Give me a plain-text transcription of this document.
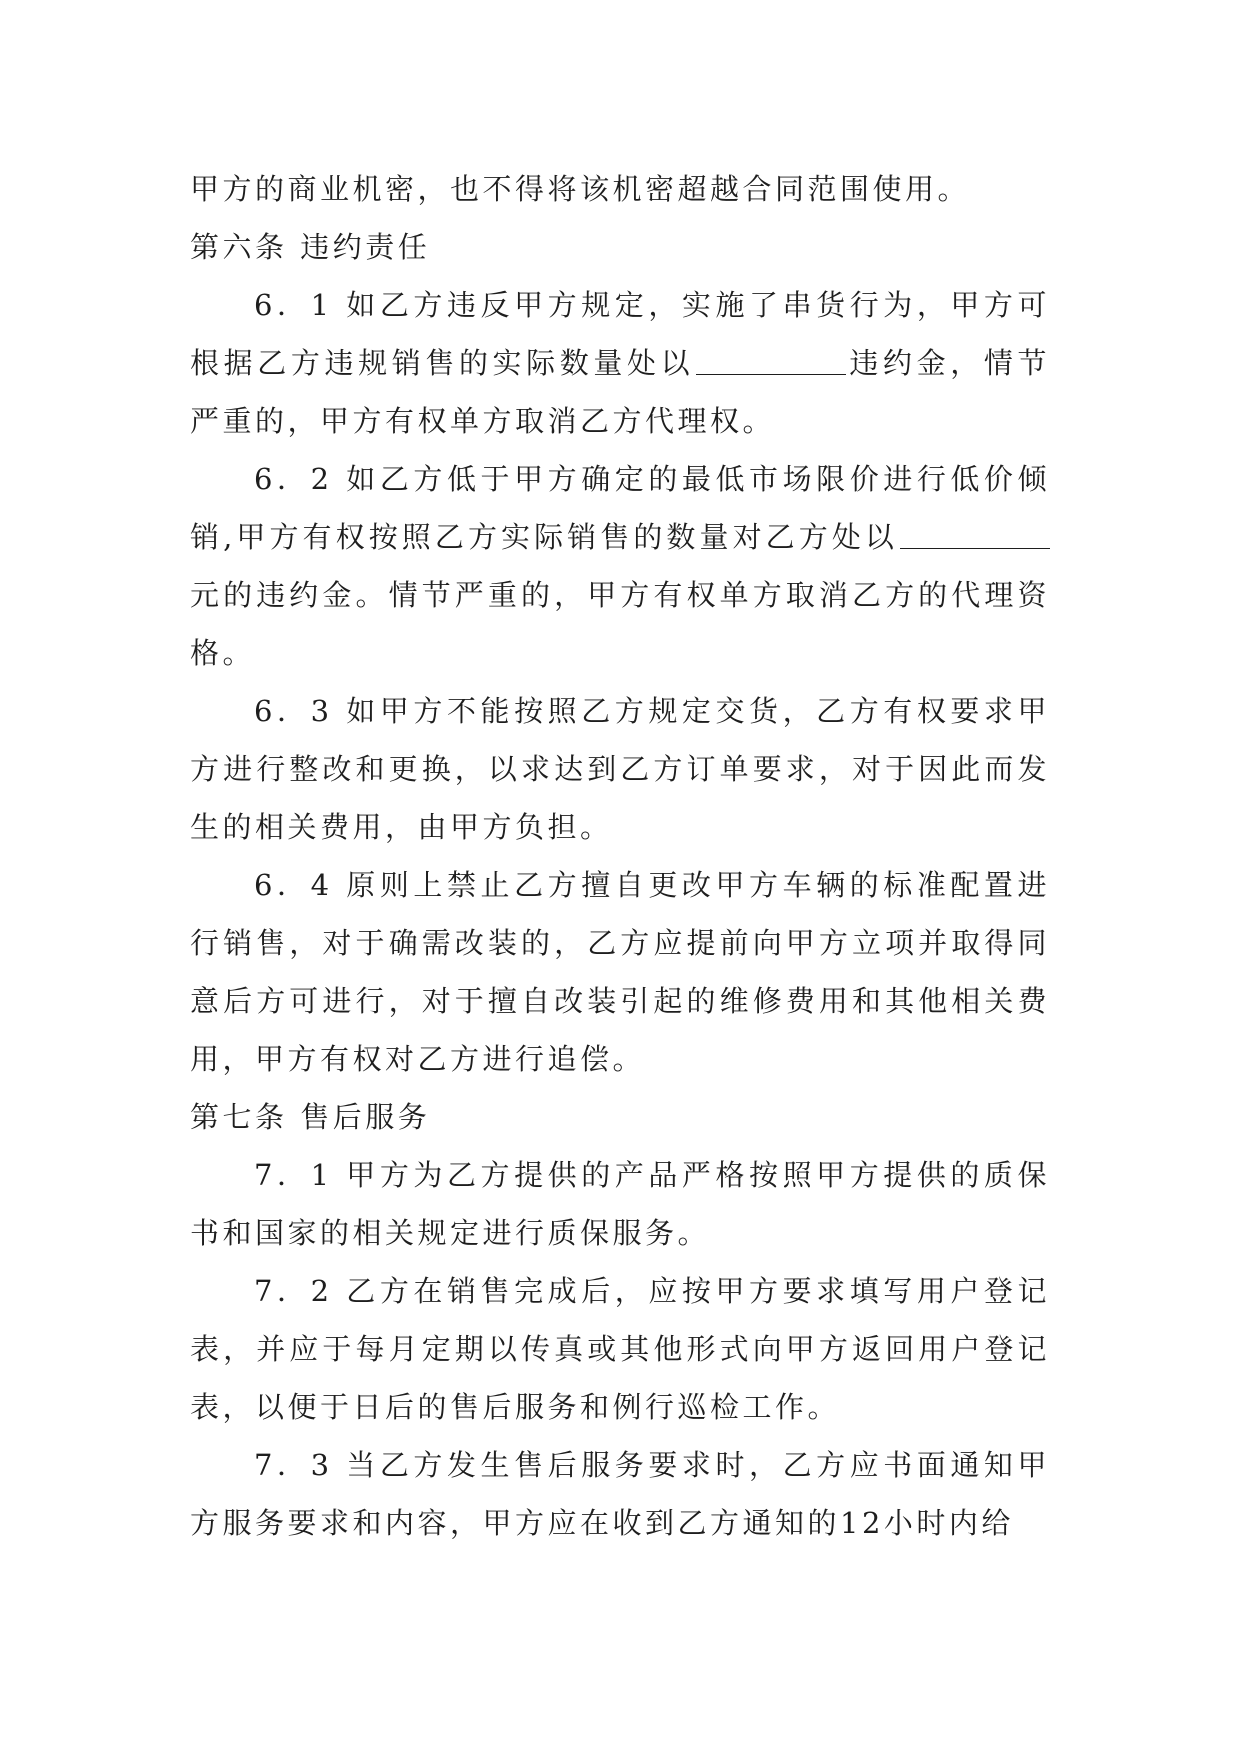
甲方的商业机密，也不得将该机密超越合同范围使用。

第六条 违约责任

6．1 如乙方违反甲方规定，实施了串货行为，甲方可根据乙方违规销售的实际数量处以	违约金，情节严重的，甲方有权单方取消乙方代理权。

6．2 如乙方低于甲方确定的最低市场限价进行低价倾销,甲方有权按照乙方实际销售的数量对乙方处以元的违约金。情节严重的，甲方有权单方取消乙方的代理资格。

6．3 如甲方不能按照乙方规定交货，乙方有权要求甲方进行整改和更换，以求达到乙方订单要求，对于因此而发生的相关费用，由甲方负担。

6．4 原则上禁止乙方擅自更改甲方车辆的标准配置进行销售，对于确需改装的，乙方应提前向甲方立项并取得同意后方可进行，对于擅自改装引起的维修费用和其他相关费用，甲方有权对乙方进行追偿。

第七条 售后服务

7．1 甲方为乙方提供的产品严格按照甲方提供的质保书和国家的相关规定进行质保服务。

7．2 乙方在销售完成后，应按甲方要求填写用户登记表，并应于每月定期以传真或其他形式向甲方返回用户登记表，以便于日后的售后服务和例行巡检工作。

7．3 当乙方发生售后服务要求时，乙方应书面通知甲方服务要求和内容，甲方应在收到乙方通知的12小时内给
